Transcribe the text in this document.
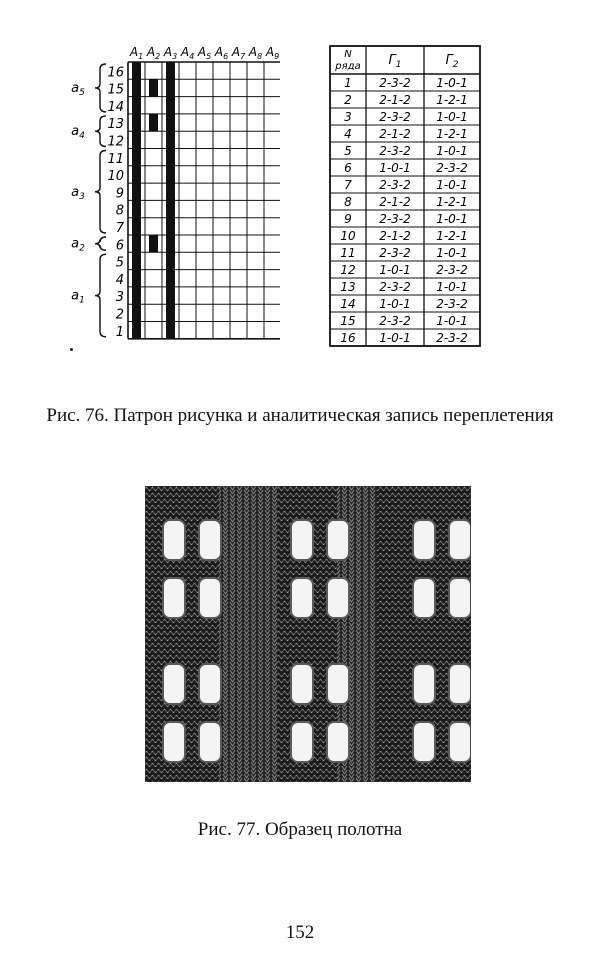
$A_1$ $A_2$ $A_3$ $A_4$ $A_5$ $A_6$ $A_7$ $A_8$ $A_9$
16
15
14
13
12
11
10
9
8
7
6
5
4
3
2
1
$a_5$
$a_4$
$a_3$
$a_2$
$a_1$
N
ряда $Г_1$	$Г_2$
1 2-3-2 1-0-1
2 2-1-2 1-2-1
3 2-3-2 1-0-1
4 2-1-2 1-2-1
5 2-3-2 1-0-1
6 1-0-1 2-3-2
7 2-3-2 1-0-1
8 2-1-2 1-2-1
9 2-3-2 1-0-1
10 2-1-2 1-2-1
11 2-3-2 1-0-1
12 1-0-1 2-3-2
13 2-3-2 1-0-1
14 1-0-1 2-3-2
15 2-3-2 1-0-1
16 1-0-1 2-3-2
Рис. 76. Патрон рисунка и аналитическая запись переплетения
Рис. 77. Образец полотна
152
